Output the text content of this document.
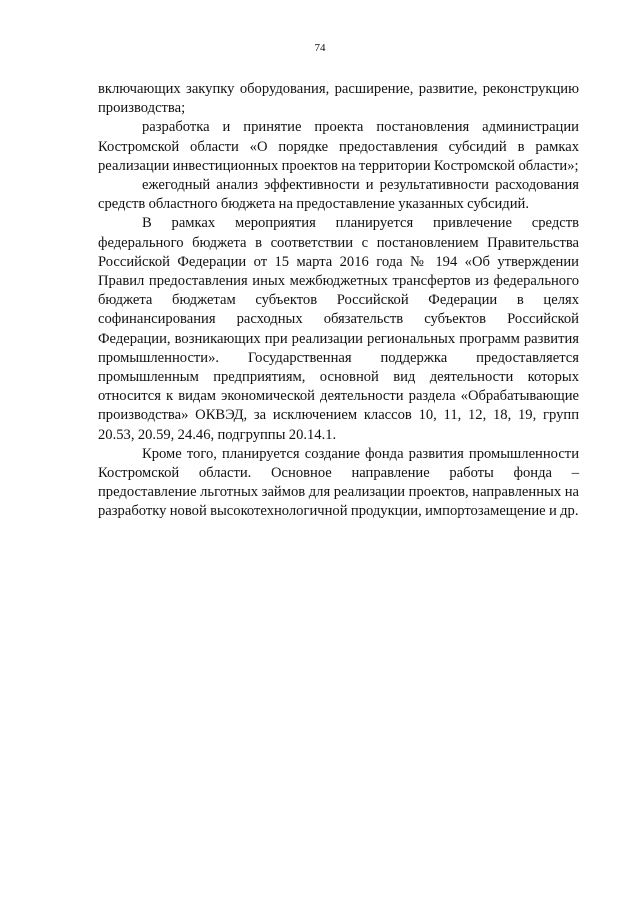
74

включающих закупку оборудования, расширение, развитие, реконструкцию производства;

разработка и принятие проекта постановления администрации Костромской области «О порядке предоставления субсидий в рамках реализации инвестиционных проектов на территории Костромской области»;

ежегодный анализ эффективности и результативности расходования средств областного бюджета на предоставление указанных субсидий.

В рамках мероприятия планируется привлечение средств федерального бюджета в соответствии с постановлением Правительства Российской Федерации от 15 марта 2016 года № 194 «Об утверждении Правил предоставления иных межбюджетных трансфертов из федерального бюджета бюджетам субъектов Российской Федерации в целях софинансирования расходных обязательств субъектов Российской Федерации, возникающих при реализации региональных программ развития промышленности». Государственная поддержка предоставляется промышленным предприятиям, основной вид деятельности которых относится к видам экономической деятельности раздела «Обрабатывающие производства» ОКВЭД, за исключением классов 10, 11, 12, 18, 19, групп 20.53, 20.59, 24.46, подгруппы 20.14.1.

Кроме того, планируется создание фонда развития промышленности Костромской области. Основное направление работы фонда – предоставление льготных займов для реализации проектов, направленных на разработку новой высокотехнологичной продукции, импортозамещение и др.
